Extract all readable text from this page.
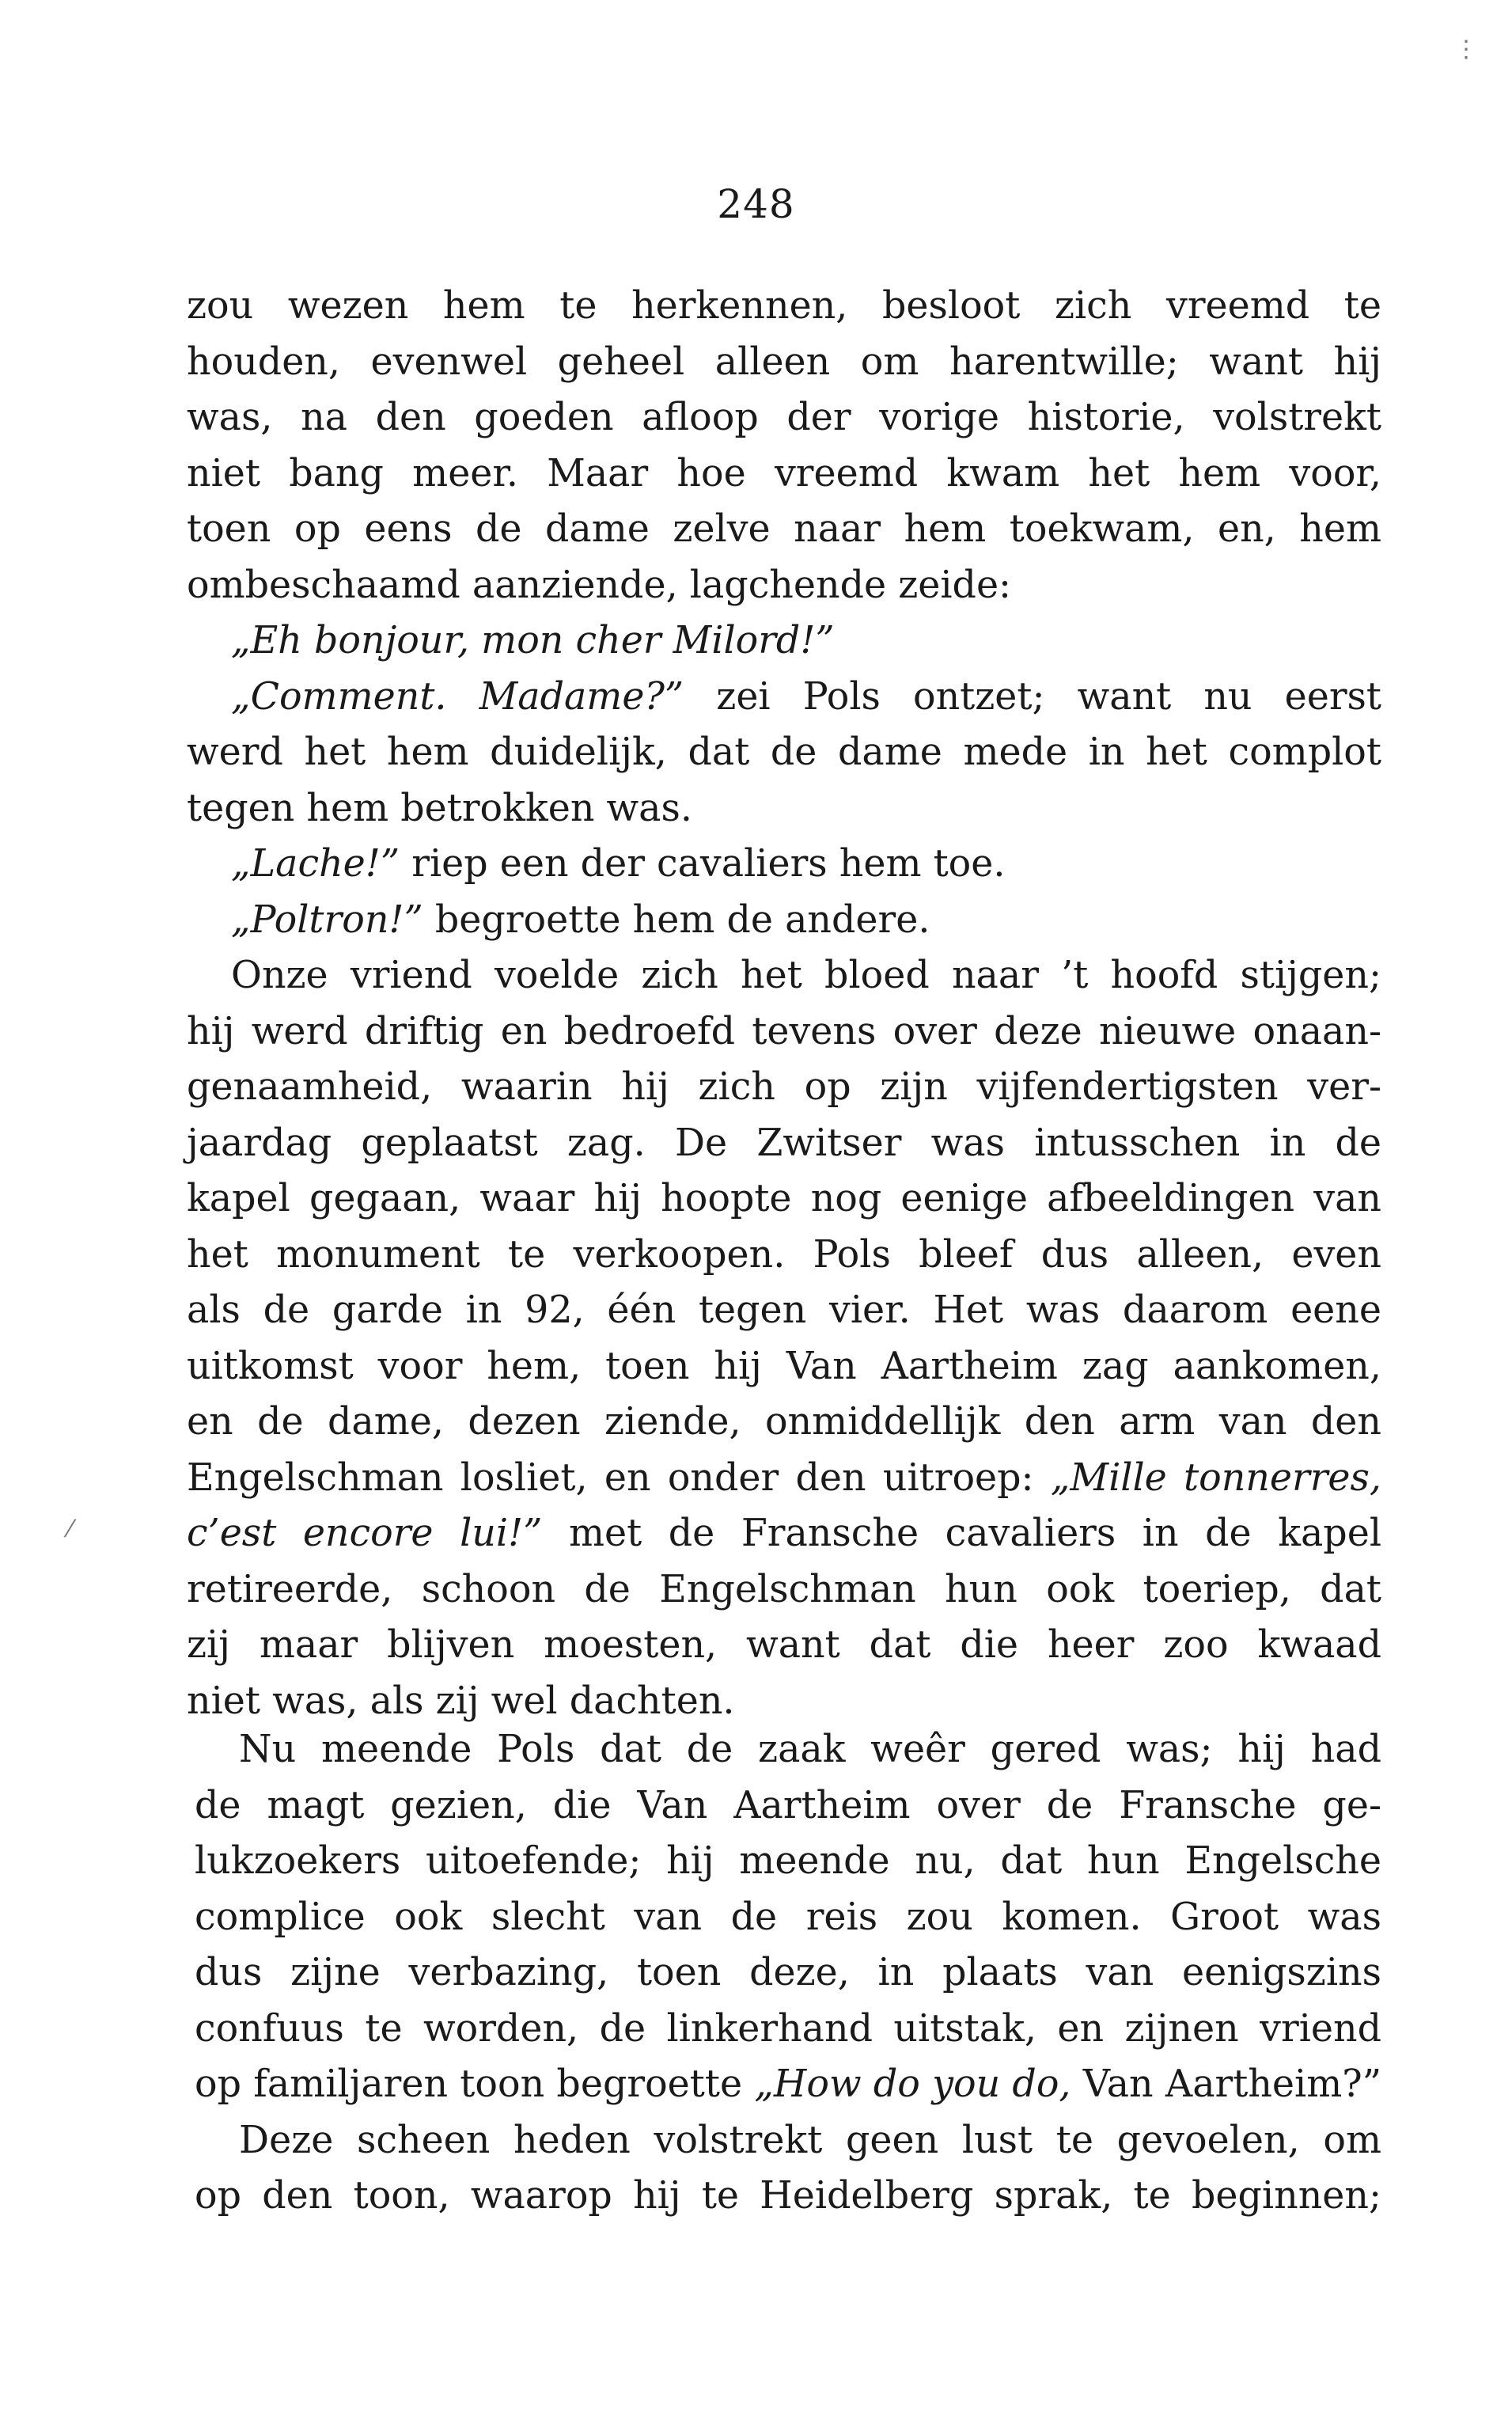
248
⋮
⁄

zou wezen hem te herkennen, besloot zich vreemd te

houden, evenwel geheel alleen om harentwille; want hij

was, na den goeden afloop der vorige historie, volstrekt

niet bang meer. Maar hoe vreemd kwam het hem voor,

toen op eens de dame zelve naar hem toekwam, en, hem

ombeschaamd aanziende, lagchende zeide:

„Eh bonjour, mon cher Milord!”

„Comment. Madame?” zei Pols ontzet; want nu eerst

werd het hem duidelijk, dat de dame mede in het complot

tegen hem betrokken was.

„Lache!” riep een der cavaliers hem toe.

„Poltron!” begroette hem de andere.

Onze vriend voelde zich het bloed naar ’t hoofd stijgen;

hij werd driftig en bedroefd tevens over deze nieuwe onaan-

genaamheid, waarin hij zich op zijn vijfendertigsten ver-

jaardag geplaatst zag. De Zwitser was intusschen in de

kapel gegaan, waar hij hoopte nog eenige afbeeldingen van

het monument te verkoopen. Pols bleef dus alleen, even

als de garde in 92, één tegen vier. Het was daarom eene

uitkomst voor hem, toen hij Van Aartheim zag aankomen,

en de dame, dezen ziende, onmiddellijk den arm van den

Engelschman losliet, en onder den uitroep: „Mille tonnerres,

c’est encore lui!” met de Fransche cavaliers in de kapel

retireerde, schoon de Engelschman hun ook toeriep, dat

zij maar blijven moesten, want dat die heer zoo kwaad

niet was, als zij wel dachten.

Nu meende Pols dat de zaak weêr gered was; hij had

de magt gezien, die Van Aartheim over de Fransche ge-

lukzoekers uitoefende; hij meende nu, dat hun Engelsche

complice ook slecht van de reis zou komen. Groot was

dus zijne verbazing, toen deze, in plaats van eenigszins

confuus te worden, de linkerhand uitstak, en zijnen vriend

op familjaren toon begroette „How do you do, Van Aartheim?”

Deze scheen heden volstrekt geen lust te gevoelen, om

op den toon, waarop hij te Heidelberg sprak, te beginnen;
